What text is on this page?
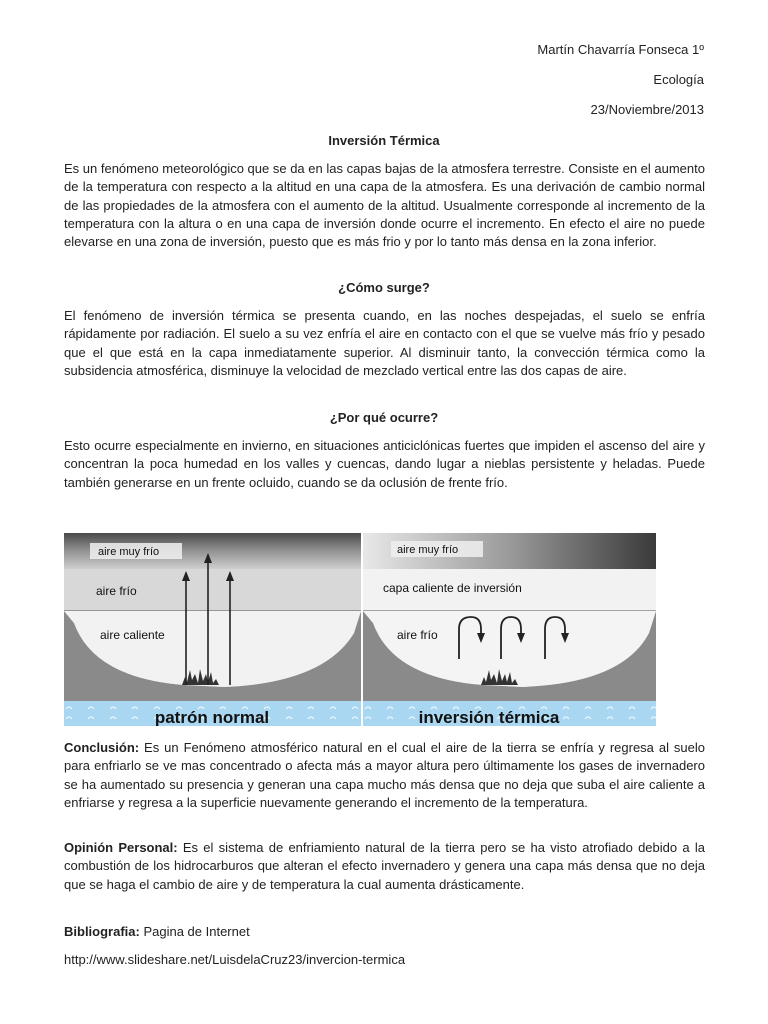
Martín Chavarría Fonseca 1º
Ecología
23/Noviembre/2013
Inversión Térmica
Es un fenómeno meteorológico que se da en las capas bajas de la atmosfera terrestre. Consiste en el aumento de la temperatura con respecto a la altitud en una capa de la atmosfera. Es una derivación de cambio normal de las propiedades de la atmosfera con el aumento de la altitud. Usualmente corresponde al incremento de la temperatura con la altura o en una capa de inversión donde ocurre el incremento. En efecto el aire no puede elevarse en una zona de inversión, puesto que es más frio y por lo tanto más densa en la zona inferior.
¿Cómo surge?
El fenómeno de inversión térmica se presenta cuando, en las noches despejadas, el suelo se enfría rápidamente por radiación. El suelo a su vez enfría el aire en contacto con el que se vuelve más frío y pesado que el que está en la capa inmediatamente superior. Al disminuir tanto, la convección térmica como la subsidencia atmosférica, disminuye la velocidad de mezclado vertical entre las dos capas de aire.
¿Por qué ocurre?
Esto ocurre especialmente en invierno, en situaciones anticiclónicas fuertes que impiden el ascenso del aire y concentran la poca humedad en los valles y cuencas, dando lugar a nieblas persistente y heladas. Puede también generarse en un frente ocluido, cuando se da oclusión de frente frío.
aire muy frío
aire frío
aire caliente
patrón normal
aire muy frío
capa caliente de inversión
aire frío
inversión térmica
Conclusión: Es un Fenómeno atmosférico natural en el cual el aire de la tierra se enfría y regresa al suelo para enfriarlo se ve mas concentrado o afecta más a mayor altura pero últimamente los gases de invernadero se ha aumentado su presencia y generan una capa mucho más densa que no deja que suba el aire caliente a enfriarse y regresa a la superficie nuevamente generando el incremento de la temperatura.
Opinión Personal: Es el sistema de enfriamiento natural de la tierra pero se ha visto atrofiado debido a la combustión de los hidrocarburos que alteran el efecto invernadero y genera una capa más densa que no deja que se haga el cambio de aire y de temperatura la cual aumenta drásticamente.
Bibliografia: Pagina de Internet
http://www.slideshare.net/LuisdelaCruz23/invercion-termica
